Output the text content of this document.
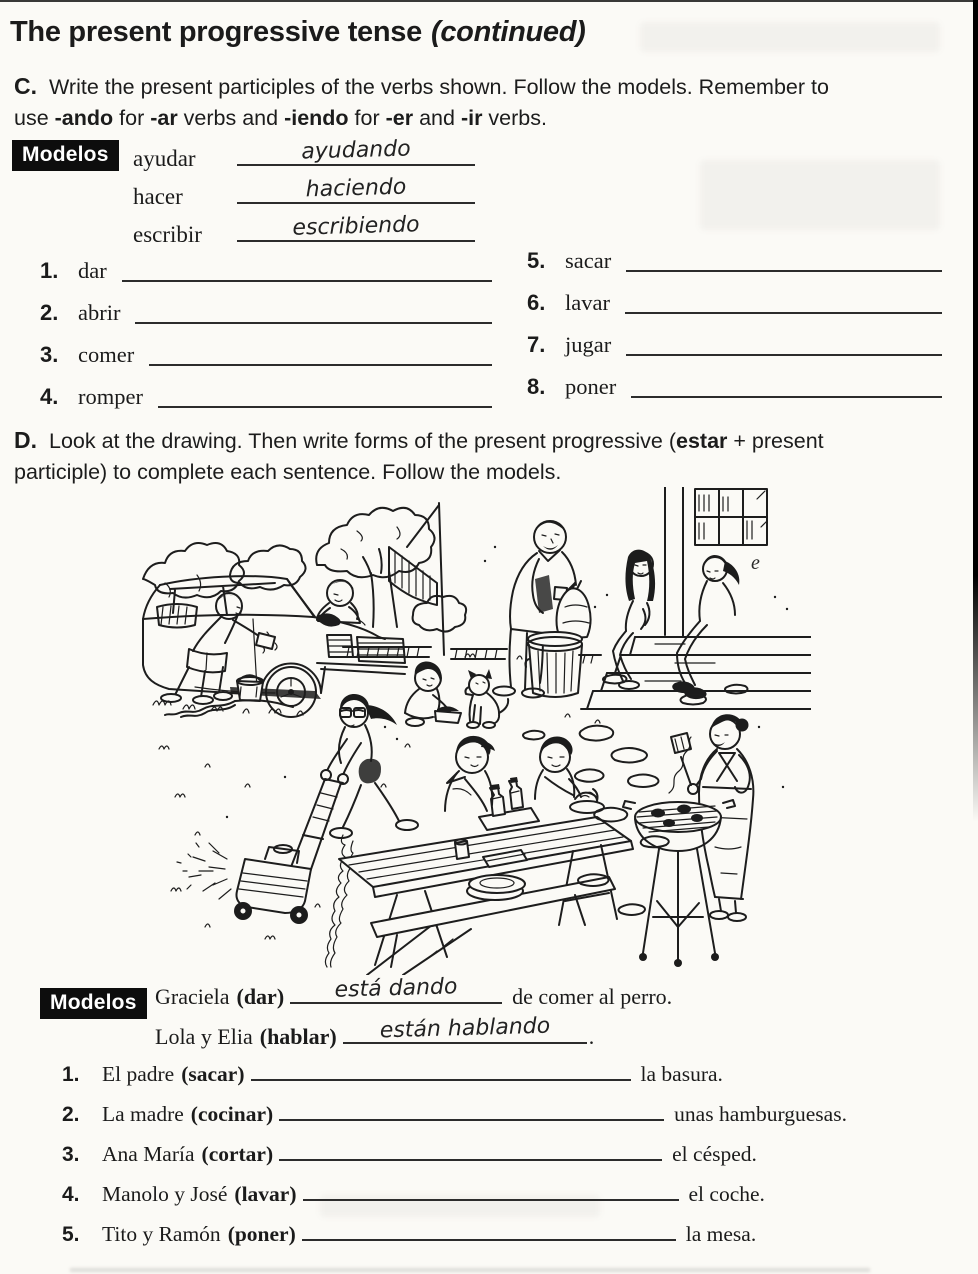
The present progressive tense (continued)

C. Write the present participles of the verbs shown. Follow the models. Remember to
use -ando for -ar verbs and -iendo for -er and -ir verbs.

Modelos	ayudar	ayudando
hacer	haciendo
escribir	escribiendo
1. dar
2. abrir
3. comer
4. romper
5. sacar
6. lavar
7. jugar
8. poner

D. Look at the drawing. Then write forms of the present progressive (estar + present
participle) to complete each sentence. Follow the models.

e
Modelos Graciela (dar)	está dando	de comer al perro.
Lola y Elia (hablar)	están hablando	.
1. El padre (sacar)	la basura.
2. La madre (cocinar)	unas hamburguesas.
3. Ana María (cortar)	el césped.
4. Manolo y José (lavar)	el coche.
5. Tito y Ramón (poner)	la mesa.
